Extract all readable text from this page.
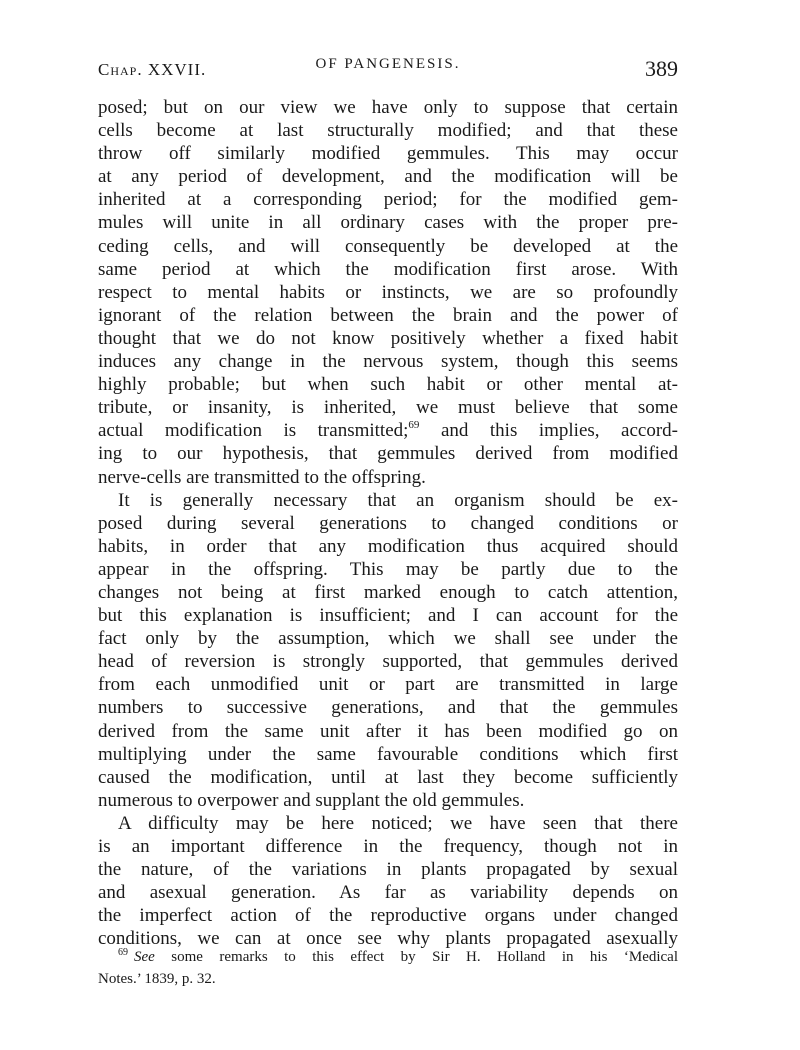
Chap. XXVII.	OF PANGENESIS.	389
posed; but on our view we have only to suppose that certain
cells become at last structurally modified; and that these
throw off similarly modified gemmules. This may occur
at any period of development, and the modification will be
inherited at a corresponding period; for the modified gem-
mules will unite in all ordinary cases with the proper pre-
ceding cells, and will consequently be developed at the
same period at which the modification first arose. With
respect to mental habits or instincts, we are so profoundly
ignorant of the relation between the brain and the power of
thought that we do not know positively whether a fixed habit
induces any change in the nervous system, though this seems
highly probable; but when such habit or other mental at-
tribute, or insanity, is inherited, we must believe that some
actual modification is transmitted;$^{69}$ and this implies, accord-
ing to our hypothesis, that gemmules derived from modified
nerve-cells are transmitted to the offspring.
It is generally necessary that an organism should be ex-
posed during several generations to changed conditions or
habits, in order that any modification thus acquired should
appear in the offspring. This may be partly due to the
changes not being at first marked enough to catch attention,
but this explanation is insufficient; and I can account for the
fact only by the assumption, which we shall see under the
head of reversion is strongly supported, that gemmules derived
from each unmodified unit or part are transmitted in large
numbers to successive generations, and that the gemmules
derived from the same unit after it has been modified go on
multiplying under the same favourable conditions which first
caused the modification, until at last they become sufficiently
numerous to overpower and supplant the old gemmules.
A difficulty may be here noticed; we have seen that there
is an important difference in the frequency, though not in
the nature, of the variations in plants propagated by sexual
and asexual generation. As far as variability depends on
the imperfect action of the reproductive organs under changed
conditions, we can at once see why plants propagated asexually
$^{69}$ See some remarks to this effect by Sir H. Holland in his ‘Medical
Notes.’ 1839, p. 32.
